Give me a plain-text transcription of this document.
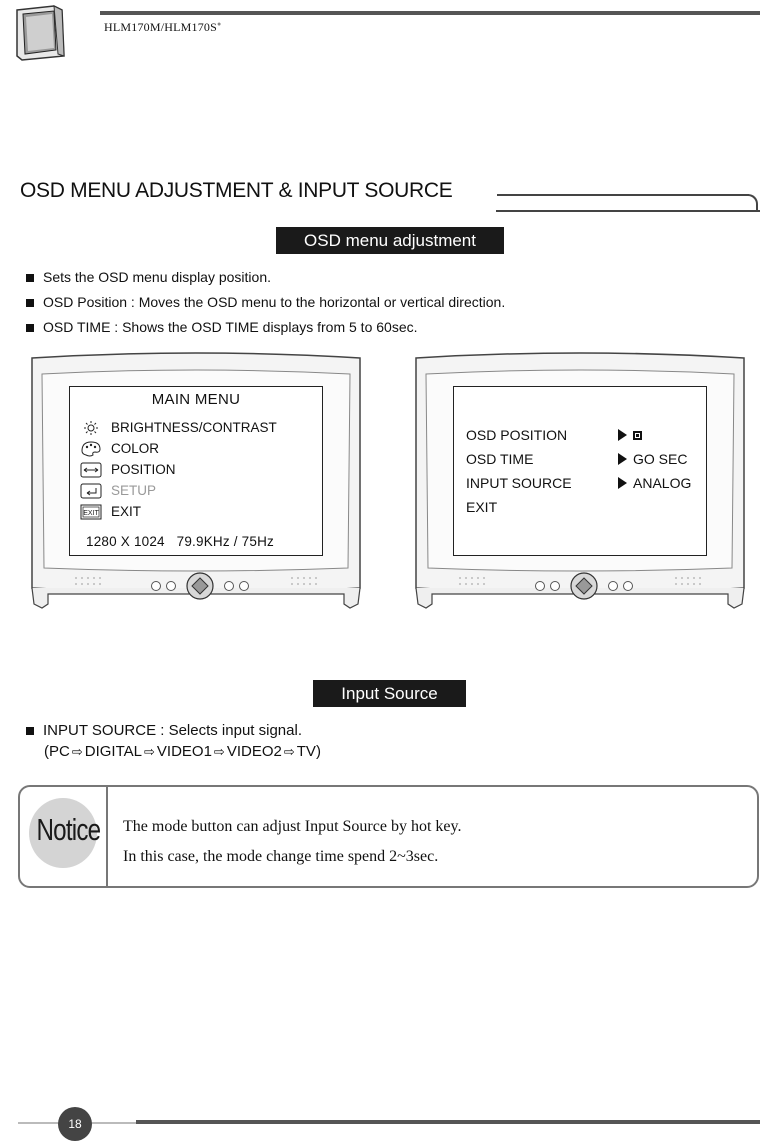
HLM170M/HLM170S●
OSD MENU ADJUSTMENT & INPUT SOURCE
OSD menu adjustment
Sets the OSD menu display position.
OSD Position : Moves the OSD menu to the horizontal or vertical direction.
OSD TIME : Shows the OSD TIME displays from 5 to 60sec.
MAIN MENU
BRIGHTNESS/CONTRAST
COLOR
POSITION
SETUP
EXIT EXIT
1280 X 1024   79.9KHz / 75Hz
OSD POSITION
OSD TIME	GO SEC
INPUT SOURCE	ANALOG
EXIT
Input Source
INPUT SOURCE : Selects input signal.
(PC ⇨ DIGITAL ⇨ VIDEO1 ⇨ VIDEO2 ⇨ TV)
Notice The mode button can adjust Input Source by hot key.
In this case, the mode change time spend 2~3sec.
18
